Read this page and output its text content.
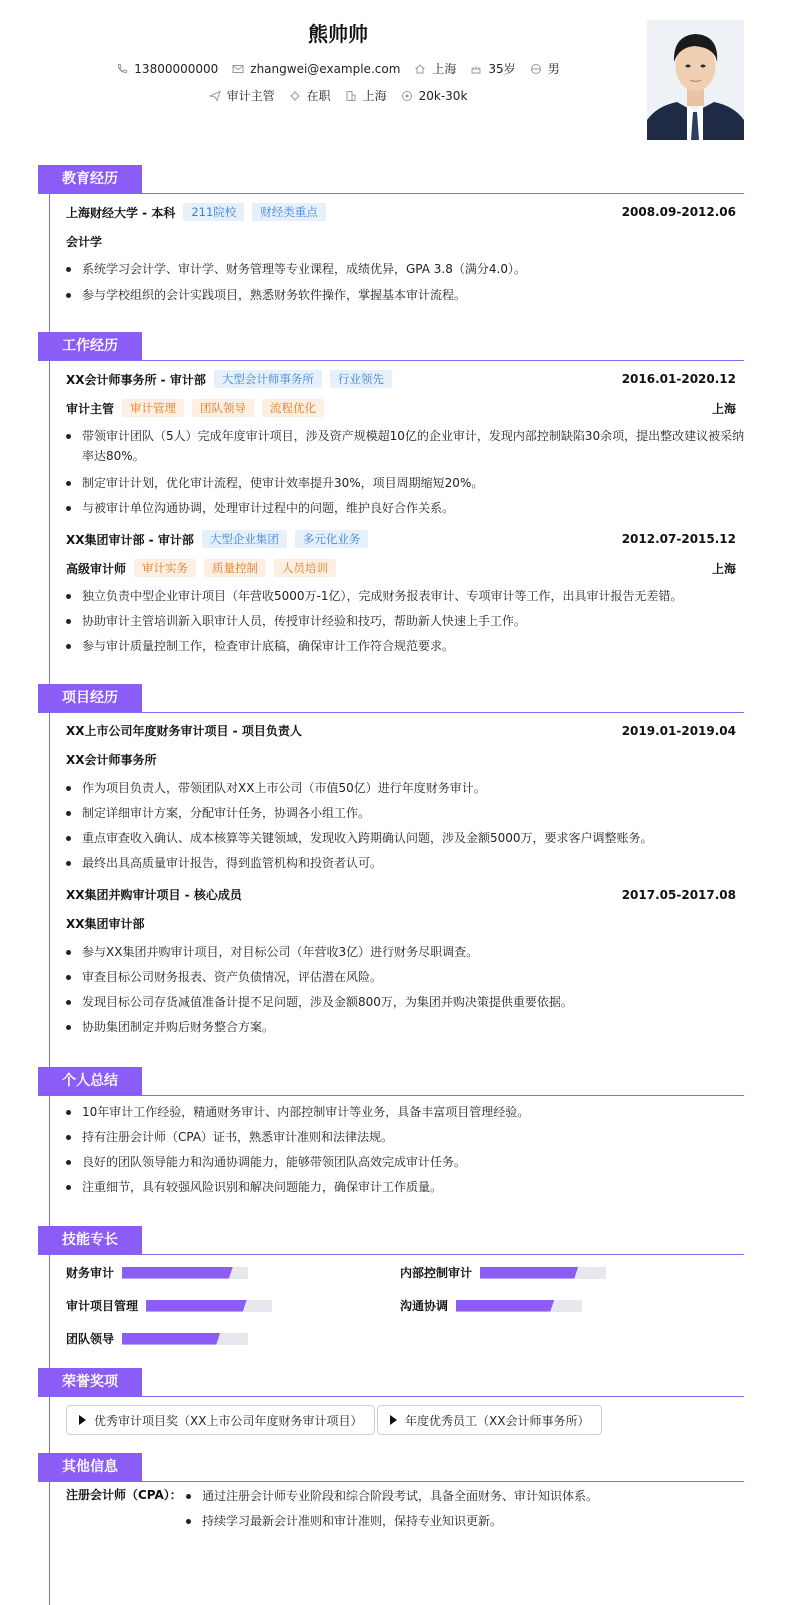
熊帅帅
13800000000	zhangwei@example.com	上海	35岁	男
审计主管	在职	上海	20k-30k
教育经历
上海财经大学 - 本科	211院校	财经类重点	2008.09-2012.06
会计学
系统学习会计学、审计学、财务管理等专业课程，成绩优异，GPA 3.8（满分4.0）。
参与学校组织的会计实践项目，熟悉财务软件操作，掌握基本审计流程。
工作经历
XX会计师事务所 - 审计部	大型会计师事务所	行业领先	2016.01-2020.12
审计主管	审计管理	团队领导	流程优化	上海
带领审计团队（5人）完成年度审计项目，涉及资产规模超10亿的企业审计，发现内部控制缺陷30余项，提出整改建议被采纳率达80%。
制定审计计划，优化审计流程，使审计效率提升30%，项目周期缩短20%。
与被审计单位沟通协调，处理审计过程中的问题，维护良好合作关系。
XX集团审计部 - 审计部	大型企业集团	多元化业务	2012.07-2015.12
高级审计师	审计实务	质量控制	人员培训	上海
独立负责中型企业审计项目（年营收5000万-1亿），完成财务报表审计、专项审计等工作，出具审计报告无差错。
协助审计主管培训新入职审计人员，传授审计经验和技巧，帮助新人快速上手工作。
参与审计质量控制工作，检查审计底稿，确保审计工作符合规范要求。
项目经历
XX上市公司年度财务审计项目 - 项目负责人	2019.01-2019.04
XX会计师事务所
作为项目负责人，带领团队对XX上市公司（市值50亿）进行年度财务审计。
制定详细审计方案，分配审计任务，协调各小组工作。
重点审查收入确认、成本核算等关键领域，发现收入跨期确认问题，涉及金额5000万，要求客户调整账务。
最终出具高质量审计报告，得到监管机构和投资者认可。
XX集团并购审计项目 - 核心成员	2017.05-2017.08
XX集团审计部
参与XX集团并购审计项目，对目标公司（年营收3亿）进行财务尽职调查。
审查目标公司财务报表、资产负债情况，评估潜在风险。
发现目标公司存货减值准备计提不足问题，涉及金额800万，为集团并购决策提供重要依据。
协助集团制定并购后财务整合方案。
个人总结
10年审计工作经验，精通财务审计、内部控制审计等业务，具备丰富项目管理经验。
持有注册会计师（CPA）证书，熟悉审计准则和法律法规。
良好的团队领导能力和沟通协调能力，能够带领团队高效完成审计任务。
注重细节，具有较强风险识别和解决问题能力，确保审计工作质量。
技能专长
财务审计	内部控制审计
审计项目管理	沟通协调
团队领导
荣誉奖项
优秀审计项目奖（XX上市公司年度财务审计项目）	年度优秀员工（XX会计师事务所）
其他信息
注册会计师（CPA）：	通过注册会计师专业阶段和综合阶段考试，具备全面财务、审计知识体系。
持续学习最新会计准则和审计准则，保持专业知识更新。
